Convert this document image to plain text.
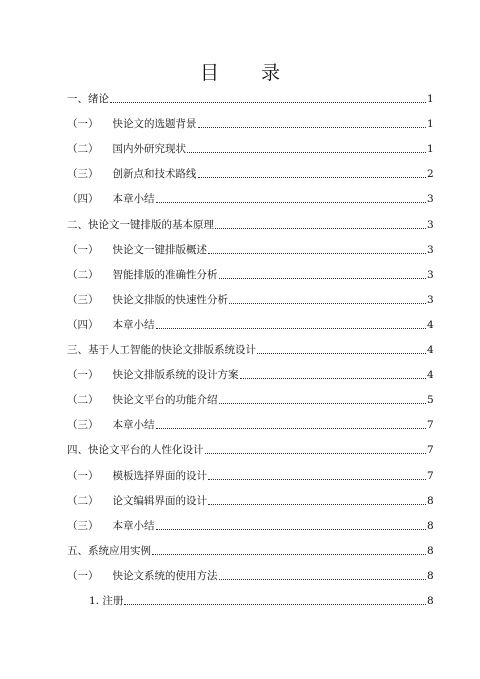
目 录
一、绪论	1
（一） 快论文的选题背景	1
（二） 国内外研究现状	1
（三） 创新点和技术路线	2
（四） 本章小结	3
二、快论文一键排版的基本原理	3
（一） 快论文一键排版概述	3
（二） 智能排版的准确性分析	3
（三） 快论文排版的快速性分析	3
（四） 本章小结	4
三、基于人工智能的快论文排版系统设计	4
（一） 快论文排版系统的设计方案	4
（二） 快论文平台的功能介绍	5
（三） 本章小结	7
四、快论文平台的人性化设计	7
（一） 模板选择界面的设计	7
（二） 论文编辑界面的设计	8
（三） 本章小结	8
五、系统应用实例	8
（一） 快论文系统的使用方法	8
1. 注册	8
